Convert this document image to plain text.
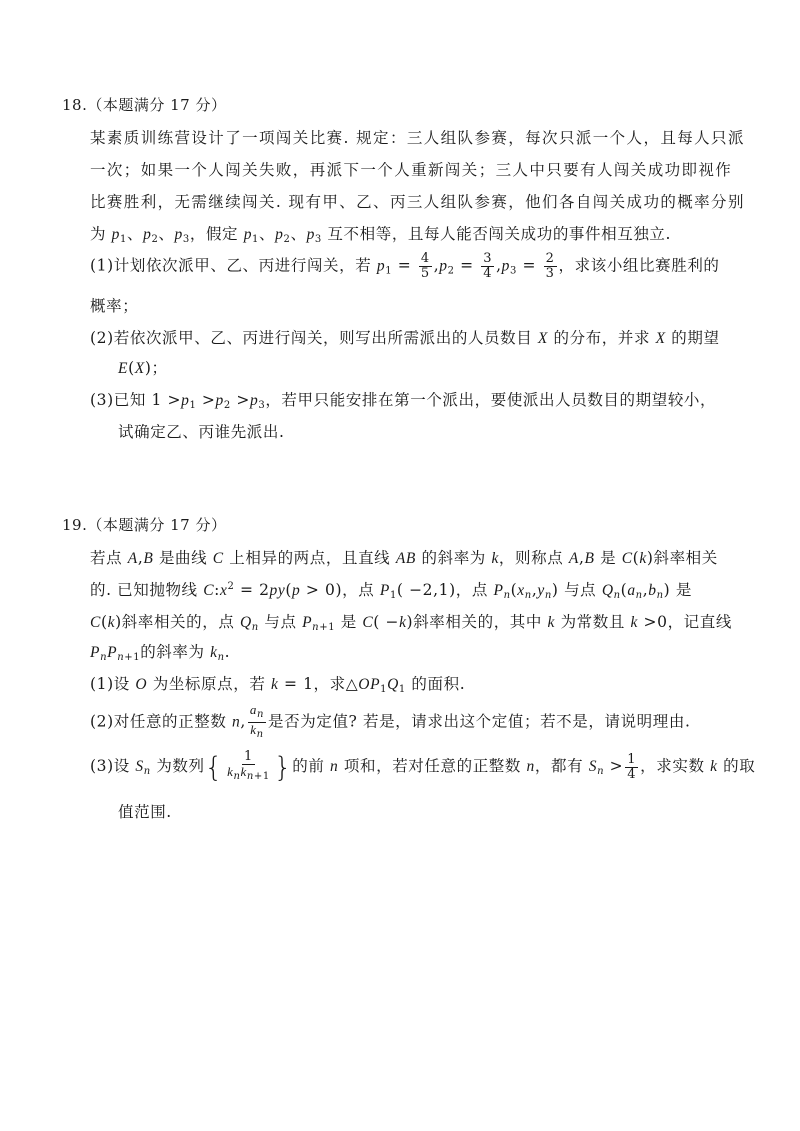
18.（本题满分 17 分）
某素质训练营设计了一项闯关比赛. 规定：三人组队参赛，每次只派一个人，且每人只派
一次；如果一个人闯关失败，再派下一个人重新闯关；三人中只要有人闯关成功即视作
比赛胜利，无需继续闯关. 现有甲、乙、丙三人组队参赛，他们各自闯关成功的概率分别
为 $p_1$、$p_2$、$p_3$，假定 $p_1$、$p_2$、$p_3$ 互不相等，且每人能否闯关成功的事件相互独立.
(1)计划依次派甲、乙、丙进行闯关，若 $p_1 = \frac{4}{5} ,p_2 = \frac{3}{4} ,p_3 = \frac{2}{3}$ ，求该小组比赛胜利的
概率；
(2)若依次派甲、乙、丙进行闯关，则写出所需派出的人员数目 X 的分布，并求 X 的期望
E(X)；
(3)已知 $1 >p_1 >p_2 >p_3$，若甲只能安排在第一个派出，要使派出人员数目的期望较小，
试确定乙、丙谁先派出.
19.（本题满分 17 分）
若点 A,B 是曲线 C 上相异的两点，且直线 AB 的斜率为 k，则称点 A,B 是 C(k)斜率相关
的. 已知抛物线 $C:x^2 = 2py(p > 0)$，点 $P_1( -2,1)$，点 $P_n(x_n,y_n)$ 与点 $Q_n(a_n,b_n)$ 是
C(k)斜率相关的，点 $Q_n$ 与点 $P_{n+1}$ 是 C( −k)斜率相关的，其中 k 为常数且 k >0，记直线
$P_nP_{n+1}$的斜率为 $k_n$.
(1)设 O 为坐标原点，若 k = 1，求$\triangle OP_1Q_1$ 的面积.
(2)对任意的正整数 n, $\frac{a_n}{k_n}$ 是否为定值? 若是，请求出这个定值；若不是，请说明理由.
(3)设 $S_n$ 为数列{ $\frac{1}{k_nk_{n+1}}$ }的前 n 项和，若对任意的正整数 n，都有 $S_n > \frac{1}{4}$ ，求实数 k 的取
值范围.
